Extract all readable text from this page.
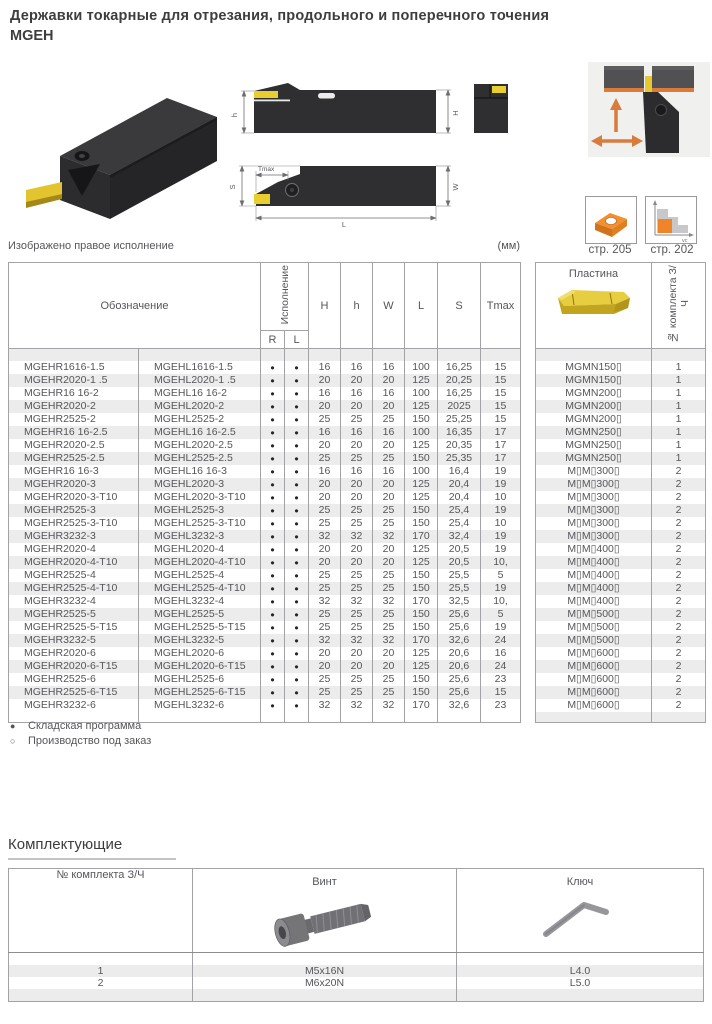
Державки токарные для отрезания, продольного и поперечного точения
MGEH
h	H
Tmax
S	W
L
vc
стр. 205	стр. 202
Изображено правое исполнение	(мм)
Обозначение		Исполнение		H	h	W	L	S	Tmax
		R	L						

MGEHR1616-1.5	MGEHL1616-1.5	●	●	16	16	16	100	16,25	15
MGEHR2020-1 .5	MGEHL2020-1 .5	●	●	20	20	20	125	20,25	15
MGEHR16 16-2	MGEHL16 16-2	●	●	16	16	16	100	16,25	15
MGEHR2020-2	MGEHL2020-2	●	●	20	20	20	125	2025	15
MGEHR2525-2	MGEHL2525-2	●	●	25	25	25	150	25,25	15
MGEHR16 16-2.5	MGEHL16 16-2.5	●	●	16	16	16	100	16,35	17
MGEHR2020-2.5	MGEHL2020-2.5	●	●	20	20	20	125	20,35	17
MGEHR2525-2.5	MGEHL2525-2.5	●	●	25	25	25	150	25,35	17
MGEHR16 16-3	MGEHL16 16-3	●	●	16	16	16	100	16,4	19
MGEHR2020-3	MGEHL2020-3	●	●	20	20	20	125	20,4	19
MGEHR2020-3-T10	MGEHL2020-3-T10	●	●	20	20	20	125	20,4	10
MGEHR2525-3	MGEHL2525-3	●	●	25	25	25	150	25,4	19
MGEHR2525-3-T10	MGEHL2525-3-T10	●	●	25	25	25	150	25,4	10
MGEHR3232-3	MGEHL3232-3	●	●	32	32	32	170	32,4	19
MGEHR2020-4	MGEHL2020-4	●	●	20	20	20	125	20,5	19
MGEHR2020-4-T10	MGEHL2020-4-T10	●	●	20	20	20	125	20,5	10,
MGEHR2525-4	MGEHL2525-4	●	●	25	25	25	150	25,5	5
MGEHR2525-4-T10	MGEHL2525-4-T10	●	●	25	25	25	150	25,5	19
MGEHR3232-4	MGEHL3232-4	●	●	32	32	32	170	32,5	10,
MGEHR2525-5	MGEHL2525-5	●	●	25	25	25	150	25,6	5
MGEHR2525-5-T15	MGEHL2525-5-T15	●	●	25	25	25	150	25,6	19
MGEHR3232-5	MGEHL3232-5	●	●	32	32	32	170	32,6	24
MGEHR2020-6	MGEHL2020-6	●	●	20	20	20	125	20,6	16
MGEHR2020-6-T15	MGEHL2020-6-T15	●	●	20	20	20	125	20,6	24
MGEHR2525-6	MGEHL2525-6	●	●	25	25	25	150	25,6	23
MGEHR2525-6-T15	MGEHL2525-6-T15	●	●	25	25	25	150	25,6	15
MGEHR3232-6	MGEHL3232-6	●	●	32	32	32	170	32,6	23

Пластина	№ комплекта З/Ч

MGMN150▯	1
MGMN150▯	1
MGMN200▯	1
MGMN200▯	1
MGMN200▯	1
MGMN250▯	1
MGMN250▯	1
MGMN250▯	1
M▯M▯300▯	2
M▯M▯300▯	2
M▯M▯300▯	2
M▯M▯300▯	2
M▯M▯300▯	2
M▯M▯300▯	2
M▯M▯400▯	2
M▯M▯400▯	2
M▯M▯400▯	2
M▯M▯400▯	2
M▯M▯400▯	2
M▯M▯500▯	2
M▯M▯500▯	2
M▯M▯500▯	2
M▯M▯600▯	2
M▯M▯600▯	2
M▯M▯600▯	2
M▯M▯600▯	2
M▯M▯600▯	2

● Складская программа
○ Производство под заказ
Комплектующие
№ комплекта З/Ч	Винт	Ключ

1	M5x16N	L4.0
2	M6x20N	L5.0
